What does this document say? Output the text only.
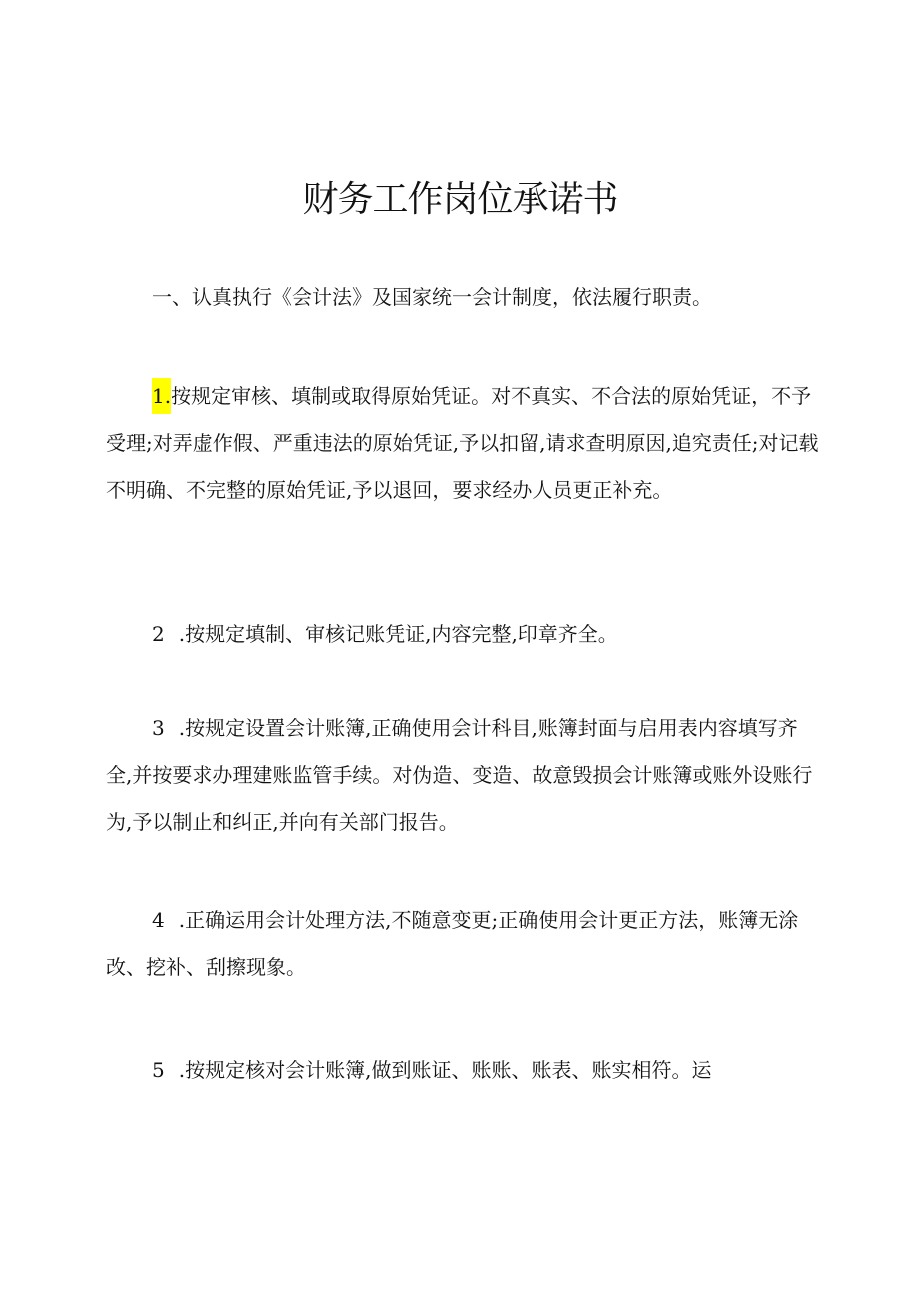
财务工作岗位承诺书

一、认真执行《会计法》及国家统一会计制度，依法履行职责。

1.按规定审核、填制或取得原始凭证。对不真实、不合法的原始凭证，不予受理;对弄虚作假、严重违法的原始凭证,予以扣留,请求查明原因,追究责任;对记载不明确、不完整的原始凭证,予以退回，要求经办人员更正补充。

2 .按规定填制、审核记账凭证,内容完整,印章齐全。

3 .按规定设置会计账簿,正确使用会计科目,账簿封面与启用表内容填写齐全,并按要求办理建账监管手续。对伪造、变造、故意毁损会计账簿或账外设账行为,予以制止和纠正,并向有关部门报告。

4 .正确运用会计处理方法,不随意变更;正确使用会计更正方法，账簿无涂改、挖补、刮擦现象。

5 .按规定核对会计账簿,做到账证、账账、账表、账实相符。运
